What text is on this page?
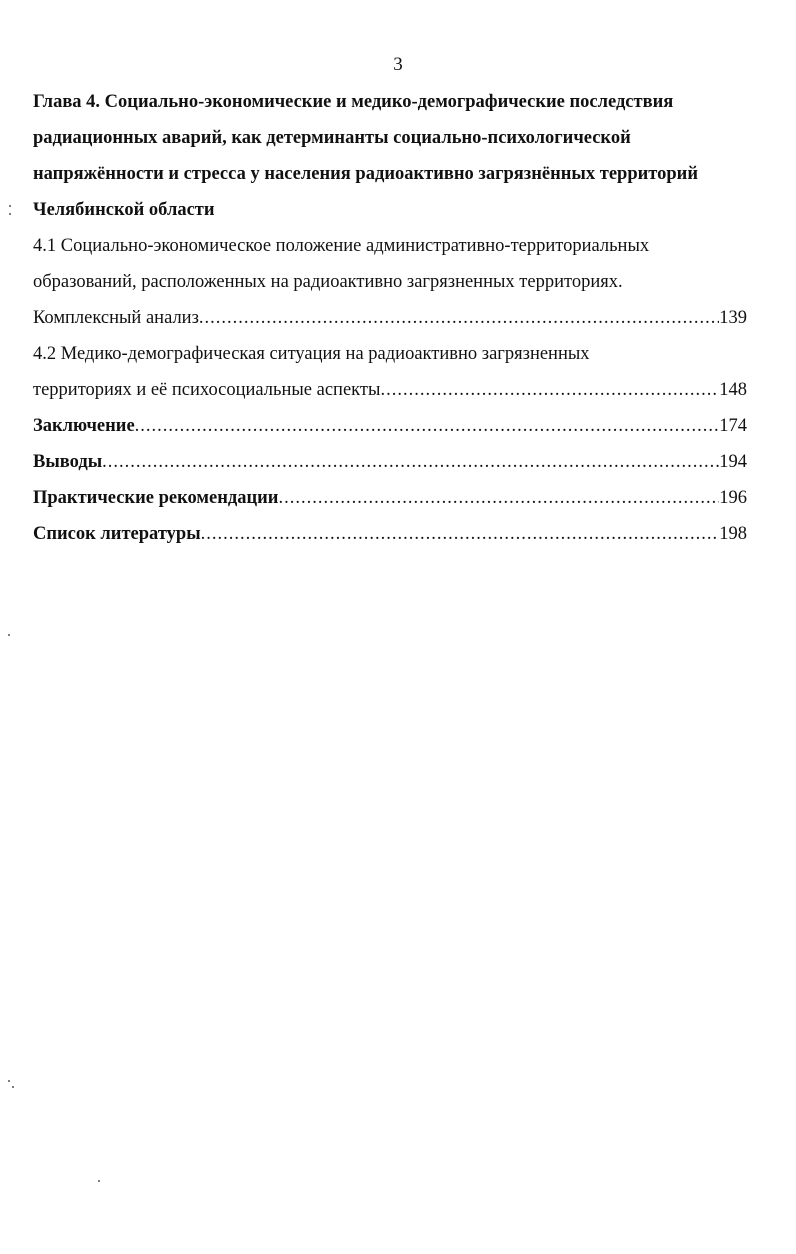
3
Глава 4. Социально-экономические и медико-демографические последствия
радиационных аварий, как детерминанты социально-психологической
напряжённости и стресса у населения радиоактивно загрязнённых территорий
Челябинской области
4.1 Социально-экономическое положение административно-территориальных
образований, расположенных на радиоактивно загрязненных территориях.
Комплексный анализ .....	139
4.2 Медико-демографическая ситуация на радиоактивно загрязненных
территориях и её психосоциальные аспекты .....	148
Заключение .....	174
Выводы .....	194
Практические рекомендации .....	196
Список литературы .....	198
